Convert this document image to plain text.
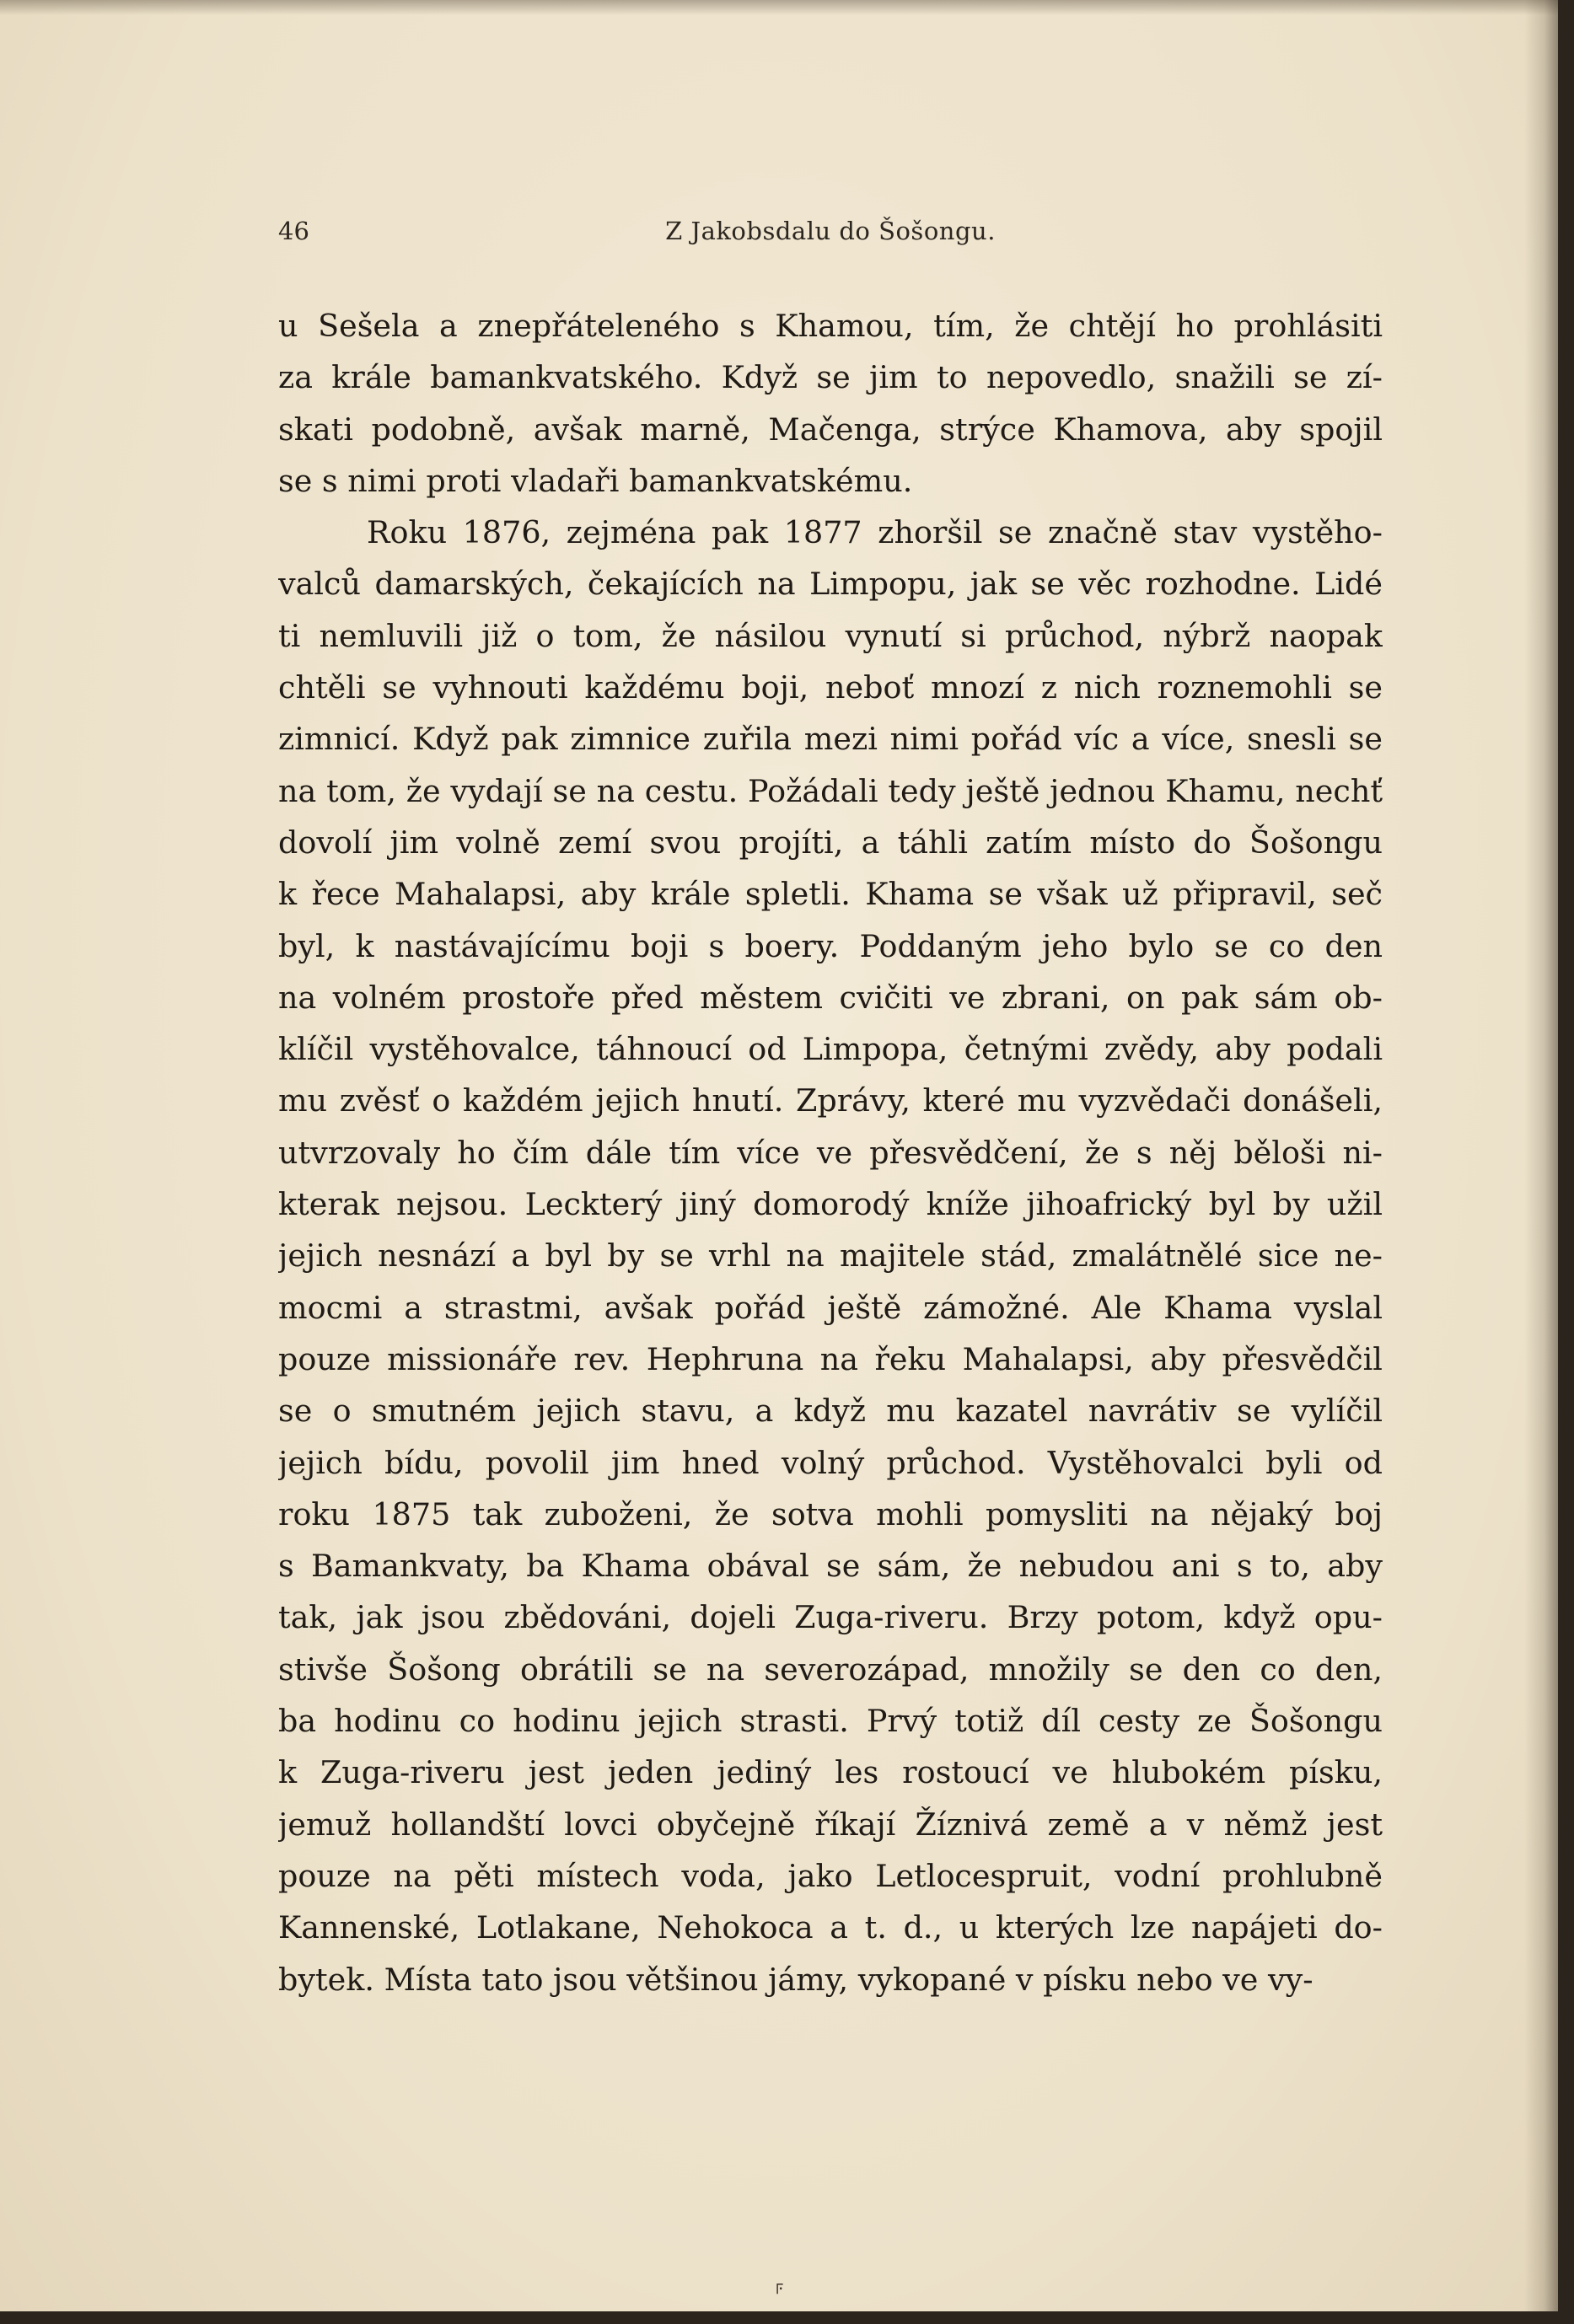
46	Z Jakobsdalu do Šošongu.
u Sešela a znepřáteleného s Khamou, tím, že chtějí ho prohlásiti
za krále bamankvatského. Když se jim to nepovedlo, snažili se zí-
skati podobně, avšak marně, Mačenga, strýce Khamova, aby spojil
se s nimi proti vladaři bamankvatskému.
Roku 1876, zejména pak 1877 zhoršil se značně stav vystěho-
valců damarských, čekajících na Limpopu, jak se věc rozhodne. Lidé
ti nemluvili již o tom, že násilou vynutí si průchod, nýbrž naopak
chtěli se vyhnouti každému boji, neboť mnozí z nich roznemohli se
zimnicí. Když pak zimnice zuřila mezi nimi pořád víc a více, snesli se
na tom, že vydají se na cestu. Požádali tedy ještě jednou Khamu, nechť
dovolí jim volně zemí svou projíti, a táhli zatím místo do Šošongu
k řece Mahalapsi, aby krále spletli. Khama se však už připravil, seč
byl, k nastávajícímu boji s boery. Poddaným jeho bylo se co den
na volném prostoře před městem cvičiti ve zbrani, on pak sám ob-
klíčil vystěhovalce, táhnoucí od Limpopa, četnými zvědy, aby podali
mu zvěsť o každém jejich hnutí. Zprávy, které mu vyzvědači donášeli,
utvrzovaly ho čím dále tím více ve přesvědčení, že s něj běloši ni-
kterak nejsou. Leckterý jiný domorodý kníže jihoafrický byl by užil
jejich nesnází a byl by se vrhl na majitele stád, zmalátnělé sice ne-
mocmi a strastmi, avšak pořád ještě zámožné. Ale Khama vyslal
pouze missionáře rev. Hephruna na řeku Mahalapsi, aby přesvědčil
se o smutném jejich stavu, a když mu kazatel navrátiv se vylíčil
jejich bídu, povolil jim hned volný průchod. Vystěhovalci byli od
roku 1875 tak zuboženi, že sotva mohli pomysliti na nějaký boj
s Bamankvaty, ba Khama obával se sám, že nebudou ani s to, aby
tak, jak jsou zbědováni, dojeli Zuga-riveru. Brzy potom, když opu-
stivše Šošong obrátili se na severozápad, množily se den co den,
ba hodinu co hodinu jejich strasti. Prvý totiž díl cesty ze Šošongu
k Zuga-riveru jest jeden jediný les rostoucí ve hlubokém písku,
jemuž hollandští lovci obyčejně říkají Žíznivá země a v němž jest
pouze na pěti místech voda, jako Letlocespruit, vodní prohlubně
Kannenské, Lotlakane, Nehokoca a t. d., u kterých lze napájeti do-
bytek. Místa tato jsou většinou jámy, vykopané v písku nebo ve vy-
⸁
